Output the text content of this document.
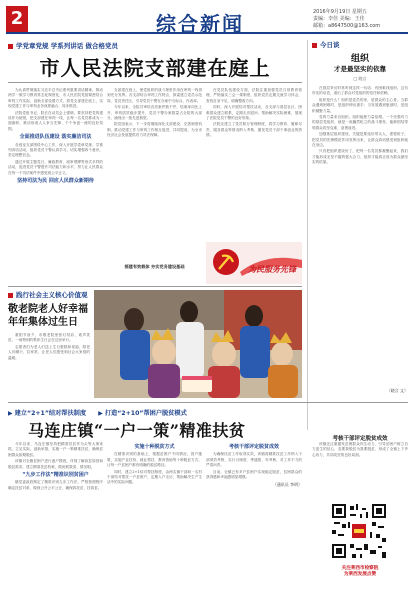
2	综合新闻	2016年9月19日 星期五
责编：李佳 美编：王佳
邮箱：a8647500@163.com
学党章党规 学系列讲话 做合格党员
市人民法院支部建在庭上

为认真贯彻落实习近平总书记系列重要讲话精神，推动两学一做学习教育常态化制度化，市人民法院党组紧密结合审判工作实际，创新支部设置方式，将党支部建在庭上，实现党建工作与审判业务深度融合、同步推进。

法院党组书记、院长在动员会上强调，要坚持把党的建设作为统领，把支部建在审判一线，让每一名党员都成为一面旗帜，推动形成人人争当先锋、个个争创一流的良好氛围。

全面推进队伍建设 落实廉洁司法

各庭室支部围绕中心工作，深入开展学党章党规、学系列讲话活动，组织党员干警认真学习，切实增强四个意识，坚定理想信念。

通过开展主题党日、廉政教育、庭审观摩等形式多样的活动，促进党员干警提升司法能力和水平，努力让人民群众在每一个司法案件中感受到公平正义。

坚持司法为民 回应人民群众新期待

支部建在庭上，使党组织的战斗堡垒作用在审判一线得到充分发挥。各支部结合审判工作特点，探索建立党员示范岗、党员责任区，引导党员干警在办案中当标兵、作表率。

今年以来，全院共审结各类案件数千件，结案率同比上升，审判质效稳步提升，党员干警办案数量占全院的大部分，涌现出一批先进典型。

院党组表示，下一步将继续深化支部建设，完善制度机制，推动党建工作与审判工作相互促进、共同提高，为全市经济社会发展提供有力司法保障。

摇建有效载体 夯实党务建设基础

在党员队伍建设方面，法院注重加强党员日常教育管理，严格落实三会一课制度，组织党员定期交流学习体会，查找自身不足，明确整改方向。

同时，深入开展结对帮扶活动，各支部与基层社区、困难群众建立联系，定期走访慰问，帮助解决实际困难，展现了法院党员干警的良好形象。

法院还建立了党员积分管理制度，将学习教育、履职尽责、服务群众等情况纳入考核，激发党员干部干事创业的热情。

为民服务先锋
今日谈
组织
才是最坚实的依靠
□ 晓言

在基层采访时常听到这样一句话：有困难找组织。这句朴实的话语，道出了群众对党组织的信任和依赖。

组织是什么？组织是党员的家，是群众的主心骨。当群众遇到困难时，是组织伸出援手；当发展遇到瓶颈时，是组织凝聚力量。

党的力量来自组织。组织能使力量倍增。一个坚强有力的基层党组织，就是一座巍然屹立的战斗堡垒，能够团结带领群众攻坚克难、奋勇前进。

加强基层组织建设，关键是要选好带头人，建强班子，把党员的先锋模范作用发挥出来，让群众真切感受到组织就在身边。

只有把组织建设好了，把每一名党员都凝聚起来，我们才能形成无坚不摧的强大合力，组织才能真正成为群众最坚实的依靠。

（晓言 文）
践行社会主义核心价值观
敬老院老人好幸福 年年集体过生日

重阳节前夕，市敬老院里张灯结彩，欢声笑语，一场特别的集体生日会在这里举行。

志愿者们为老人们送上生日蛋糕和祝福，陪老人们聊天、拉家常，让老人们感受到社会大家庭的温暖。

▶ 建立“2+1”结对帮扶制度 ▶ 打造“2+10”帮困户脱贫模式
马连庄镇“一户一策”精准扶贫

今年以来，马连庄镇坚持把精准扶贫作为头等大事来抓，立足实际，创新举措，实施一户一策精准扶贫，确保贫困群众如期脱贫。

该镇对全镇贫困户进行逐户摸底，详细了解致贫原因和脱贫需求，建立精准扶贫档案，做到底数清、情况明。

“九步工作法”精准识别贫困户

镇党委政府制定了精准识别九步工作法，严格按照程序确定扶贫对象，做到公开公平公正，确保真扶贫、扶真贫。

实施十种脱贫方式

在精准识别的基础上，根据贫困户不同情况，因户施策，实施产业扶持、就业帮扶、教育资助等十种脱贫方式，让每一户贫困户都有明确的脱贫路径。

同时，建立2+1结对帮扶制度，由两名镇干部和一名村干部结对帮扶一户贫困户，定期入户走访，帮助解决生产生活中的实际问题。

考核干部评定脱贫成效

为确保扶贫工作取得实效，该镇将精准扶贫工作纳入干部绩效考核，实行月调度、季通报、年考核，对工作不力的严肃问责。

目前，全镇已有多户贫困户实现稳定脱贫，贫困群众的获得感和幸福感明显增强。

（通讯员 李明）
考核干部评定脱贫成效

该镇还注重激发贫困群众内生动力，引导贫困户树立自力更生的信心，变要我脱贫为我要脱贫，形成了全镇上下齐心协力、共同攻坚的良好局面。

关注莱西市检察院
为莱西发展点赞
